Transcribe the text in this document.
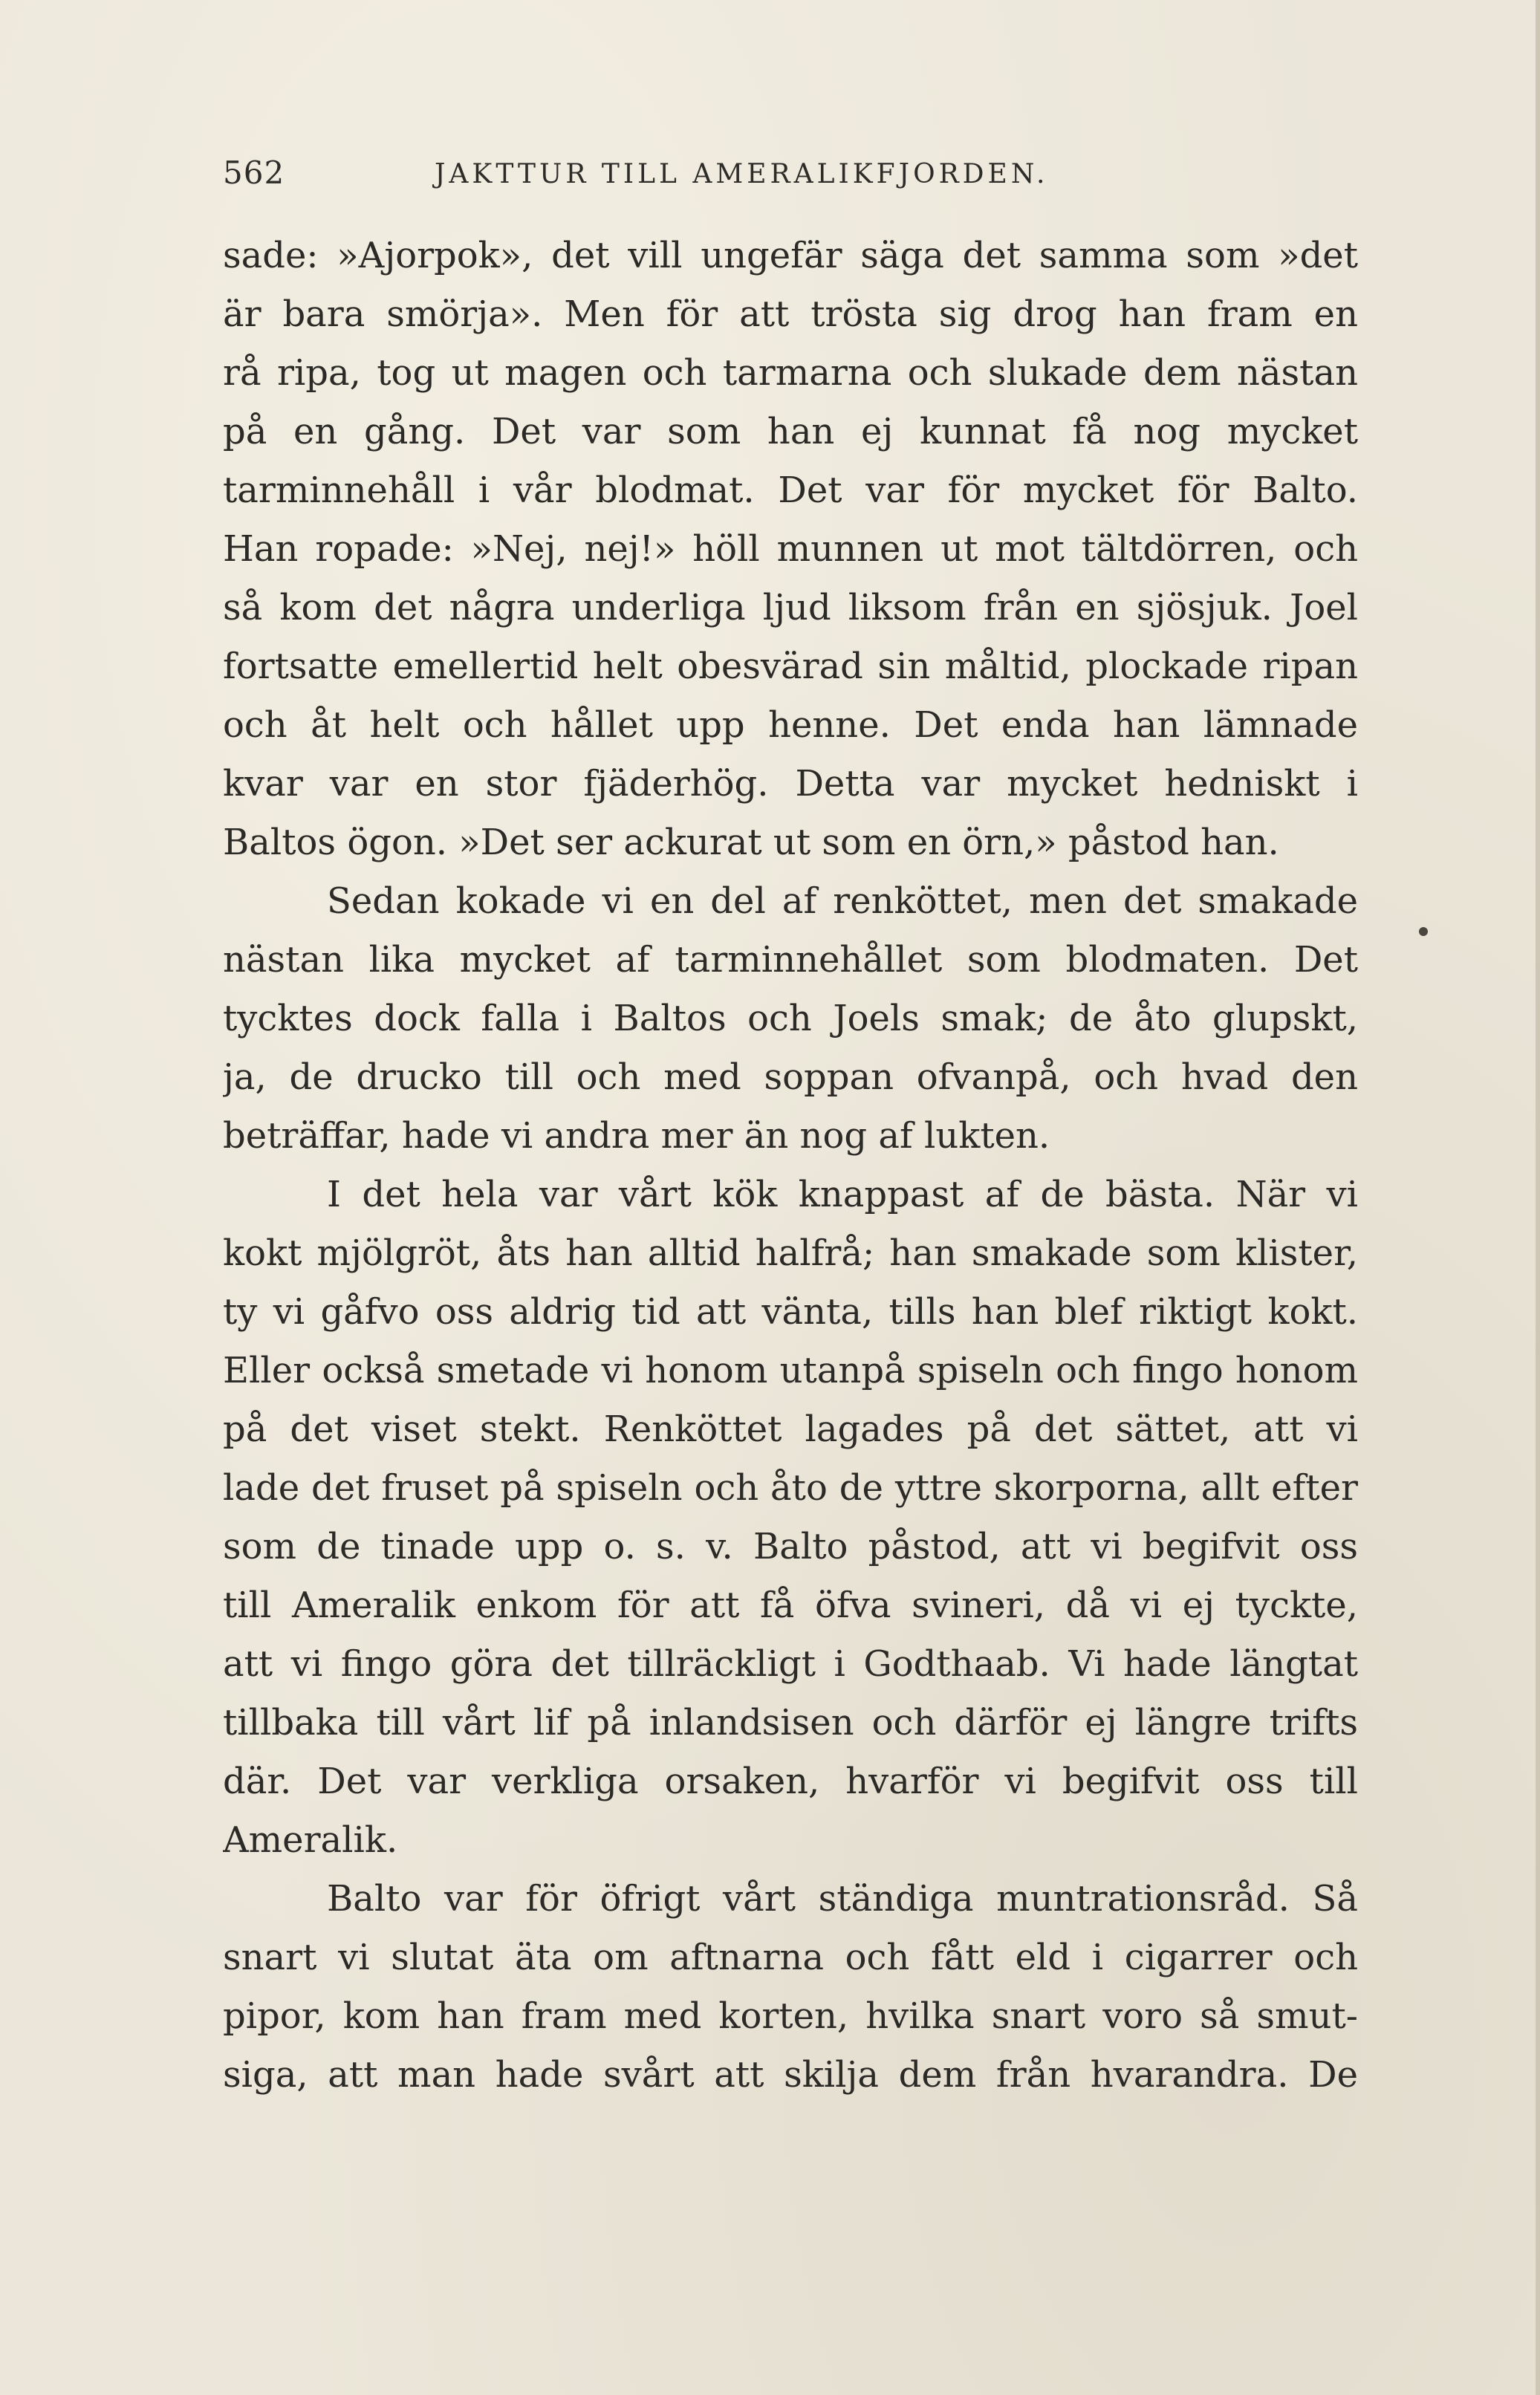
562	JAKTTUR TILL AMERALIKFJORDEN.
sade: »Ajorpok», det vill ungefär säga det samma som »det
är bara smörja». Men för att trösta sig drog han fram en
rå ripa, tog ut magen och tarmarna och slukade dem nästan
på en gång. Det var som han ej kunnat få nog mycket
tarminnehåll i vår blodmat. Det var för mycket för Balto.
Han ropade: »Nej, nej!» höll munnen ut mot tältdörren, och
så kom det några underliga ljud liksom från en sjösjuk. Joel
fortsatte emellertid helt obesvärad sin måltid, plockade ripan
och åt helt och hållet upp henne. Det enda han lämnade
kvar var en stor fjäderhög. Detta var mycket hedniskt i
Baltos ögon. »Det ser ackurat ut som en örn,» påstod han.
Sedan kokade vi en del af renköttet, men det smakade
nästan lika mycket af tarminnehållet som blodmaten. Det
tycktes dock falla i Baltos och Joels smak; de åto glupskt,
ja, de drucko till och med soppan ofvanpå, och hvad den
beträffar, hade vi andra mer än nog af lukten.
I det hela var vårt kök knappast af de bästa. När vi
kokt mjölgröt, åts han alltid halfrå; han smakade som klister,
ty vi gåfvo oss aldrig tid att vänta, tills han blef riktigt kokt.
Eller också smetade vi honom utanpå spiseln och fingo honom
på det viset stekt. Renköttet lagades på det sättet, att vi
lade det fruset på spiseln och åto de yttre skorporna, allt efter
som de tinade upp o. s. v. Balto påstod, att vi begifvit oss
till Ameralik enkom för att få öfva svineri, då vi ej tyckte,
att vi fingo göra det tillräckligt i Godthaab. Vi hade längtat
tillbaka till vårt lif på inlandsisen och därför ej längre trifts
där. Det var verkliga orsaken, hvarför vi begifvit oss till
Ameralik.
Balto var för öfrigt vårt ständiga muntrationsråd. Så
snart vi slutat äta om aftnarna och fått eld i cigarrer och
pipor, kom han fram med korten, hvilka snart voro så smut-
siga, att man hade svårt att skilja dem från hvarandra. De
